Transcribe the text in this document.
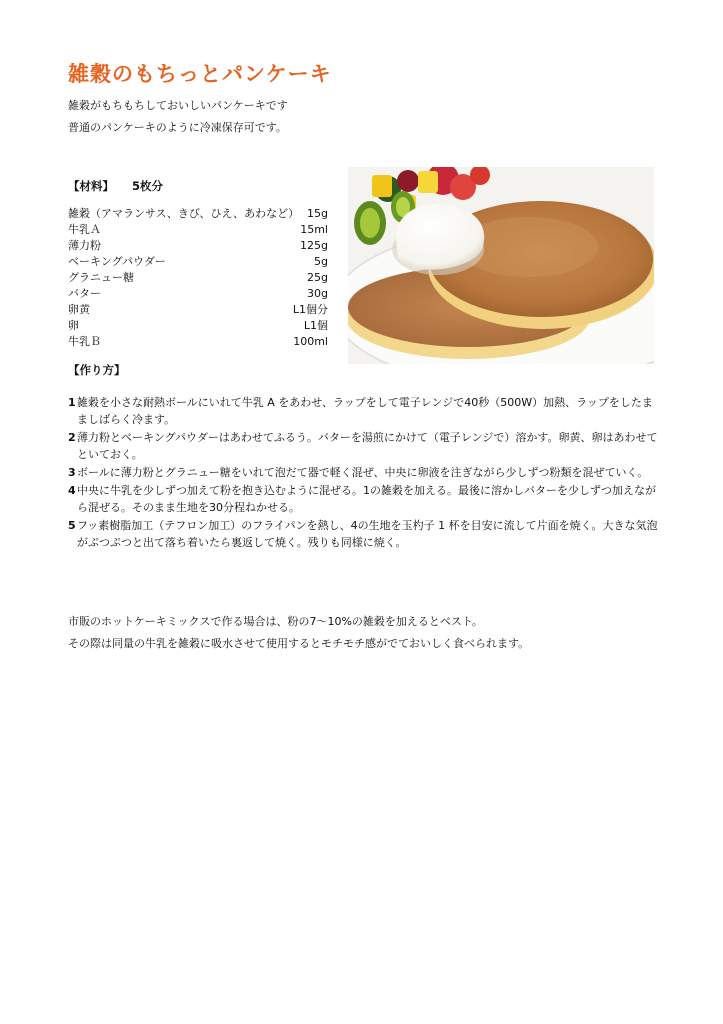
雑穀のもちっとパンケーキ
雑穀がもちもちしておいしいパンケーキです
普通のパンケーキのように冷凍保存可です。
【材料】 5枚分
雑穀（アマランサス、きび、ひえ、あわなど） 15g
牛乳Ａ	15ml
薄力粉	125g
ベーキングパウダー	5g
グラニュー糖	25g
バター	30g
卵黄	L1個分
卵	L1個
牛乳Ｂ	100ml
【作り方】
1 雑穀を小さな耐熱ボールにいれて牛乳 A をあわせ、ラップをして電子レンジで40秒（500W）加熱、ラップをしたまましばらく冷ます。
2 薄力粉とベーキングパウダーはあわせてふるう。バターを湯煎にかけて（電子レンジで）溶かす。卵黄、卵はあわせてといておく。
3 ボールに薄力粉とグラニュー糖をいれて泡だて器で軽く混ぜ、中央に卵液を注ぎながら少しずつ粉類を混ぜていく。
4 中央に牛乳を少しずつ加えて粉を抱き込むように混ぜる。1の雑穀を加える。最後に溶かしバターを少しずつ加えながら混ぜる。そのまま生地を30分程ねかせる。
5 フッ素樹脂加工（テフロン加工）のフライパンを熱し、4の生地を玉杓子 1 杯を目安に流して片面を焼く。大きな気泡がぷつぷつと出て落ち着いたら裏返して焼く。残りも同様に焼く。
市販のホットケーキミックスで作る場合は、粉の7～10%の雑穀を加えるとベスト。
その際は同量の牛乳を雑穀に吸水させて使用するとモチモチ感がでておいしく食べられます。
